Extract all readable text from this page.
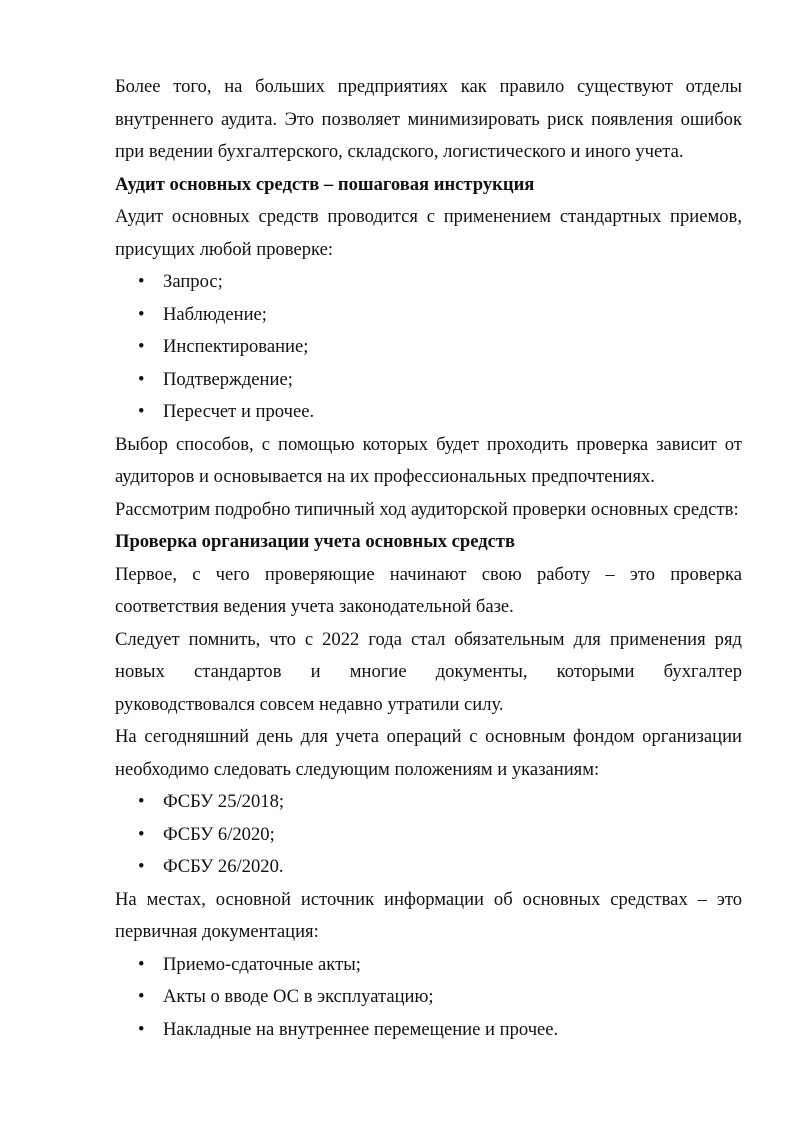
Более того, на больших предприятиях как правило существуют отделы внутреннего аудита. Это позволяет минимизировать риск появления ошибок при ведении бухгалтерского, складского, логистического и иного учета.

Аудит основных средств – пошаговая инструкция

Аудит основных средств проводится с применением стандартных приемов, присущих любой проверке:

• Запрос;
• Наблюдение;
• Инспектирование;
• Подтверждение;
• Пересчет и прочее.

Выбор способов, с помощью которых будет проходить проверка зависит от аудиторов и основывается на их профессиональных предпочтениях.

Рассмотрим подробно типичный ход аудиторской проверки основных средств:

Проверка организации учета основных средств

Первое, с чего проверяющие начинают свою работу – это проверка соответствия ведения учета законодательной базе.

Следует помнить, что с 2022 года стал обязательным для применения ряд новых стандартов и многие документы, которыми бухгалтер

руководствовался совсем недавно утратили силу.

На сегодняшний день для учета операций с основным фондом организации необходимо следовать следующим положениям и указаниям:

• ФСБУ 25/2018;
• ФСБУ 6/2020;
• ФСБУ 26/2020.

На местах, основной источник информации об основных средствах – это первичная документация:

• Приемо-сдаточные акты;
• Акты о вводе ОС в эксплуатацию;
• Накладные на внутреннее перемещение и прочее.
